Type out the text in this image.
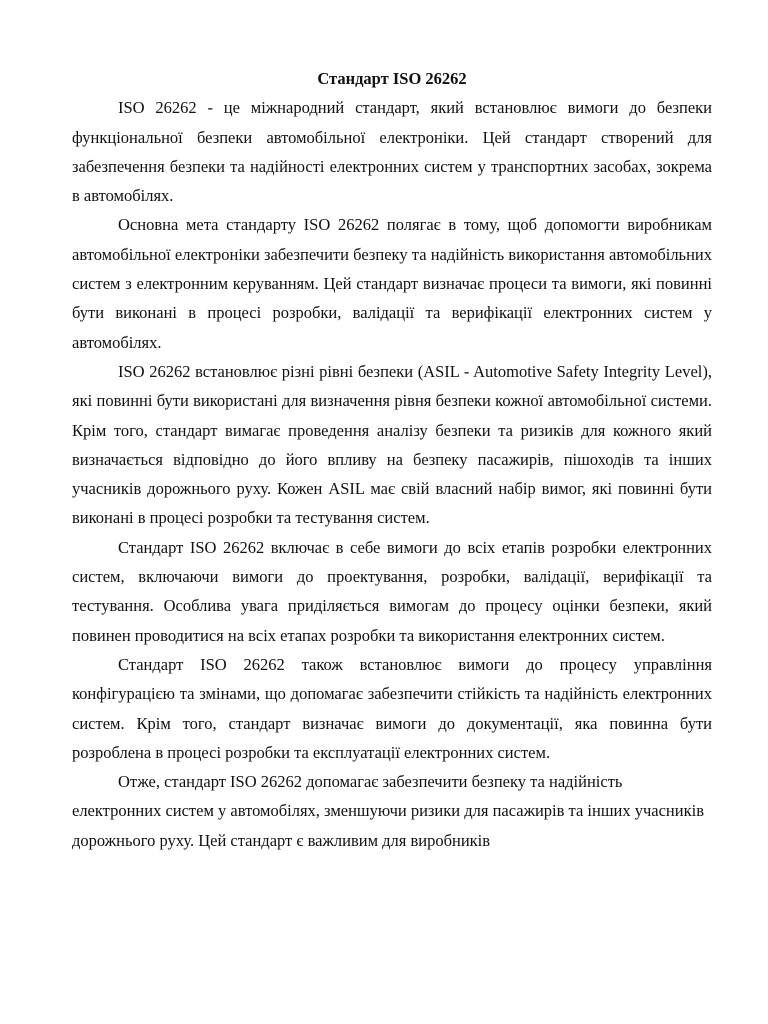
Стандарт ISO 26262

ISO 26262 - це міжнародний стандарт, який встановлює вимоги до безпеки функціональної безпеки автомобільної електроніки. Цей стандарт створений для забезпечення безпеки та надійності електронних систем у транспортних засобах, зокрема в автомобілях.

Основна мета стандарту ISO 26262 полягає в тому, щоб допомогти виробникам автомобільної електроніки забезпечити безпеку та надійність використання автомобільних систем з електронним керуванням. Цей стандарт визначає процеси та вимоги, які повинні бути виконані в процесі розробки, валідації та верифікації електронних систем у автомобілях.

ISO 26262 встановлює різні рівні безпеки (ASIL - Automotive Safety Integrity Level), які повинні бути використані для визначення рівня безпеки кожної автомобільної системи. Крім того, стандарт вимагає проведення аналізу безпеки та ризиків для кожного який визначається відповідно до його впливу на безпеку пасажирів, пішоходів та інших учасників дорожнього руху. Кожен ASIL має свій власний набір вимог, які повинні бути виконані в процесі розробки та тестування систем.

Стандарт ISO 26262 включає в себе вимоги до всіх етапів розробки електронних систем, включаючи вимоги до проектування, розробки, валідації, верифікації та тестування. Особлива увага приділяється вимогам до процесу оцінки безпеки, який повинен проводитися на всіх етапах розробки та використання електронних систем.

Стандарт ISO 26262 також встановлює вимоги до процесу управління конфігурацією та змінами, що допомагає забезпечити стійкість та надійність електронних систем. Крім того, стандарт визначає вимоги до документації, яка повинна бути розроблена в процесі розробки та експлуатації електронних систем.

Отже, стандарт ISO 26262 допомагає забезпечити безпеку та надійність електронних систем у автомобілях, зменшуючи ризики для пасажирів та інших учасників дорожнього руху. Цей стандарт є важливим для виробників
